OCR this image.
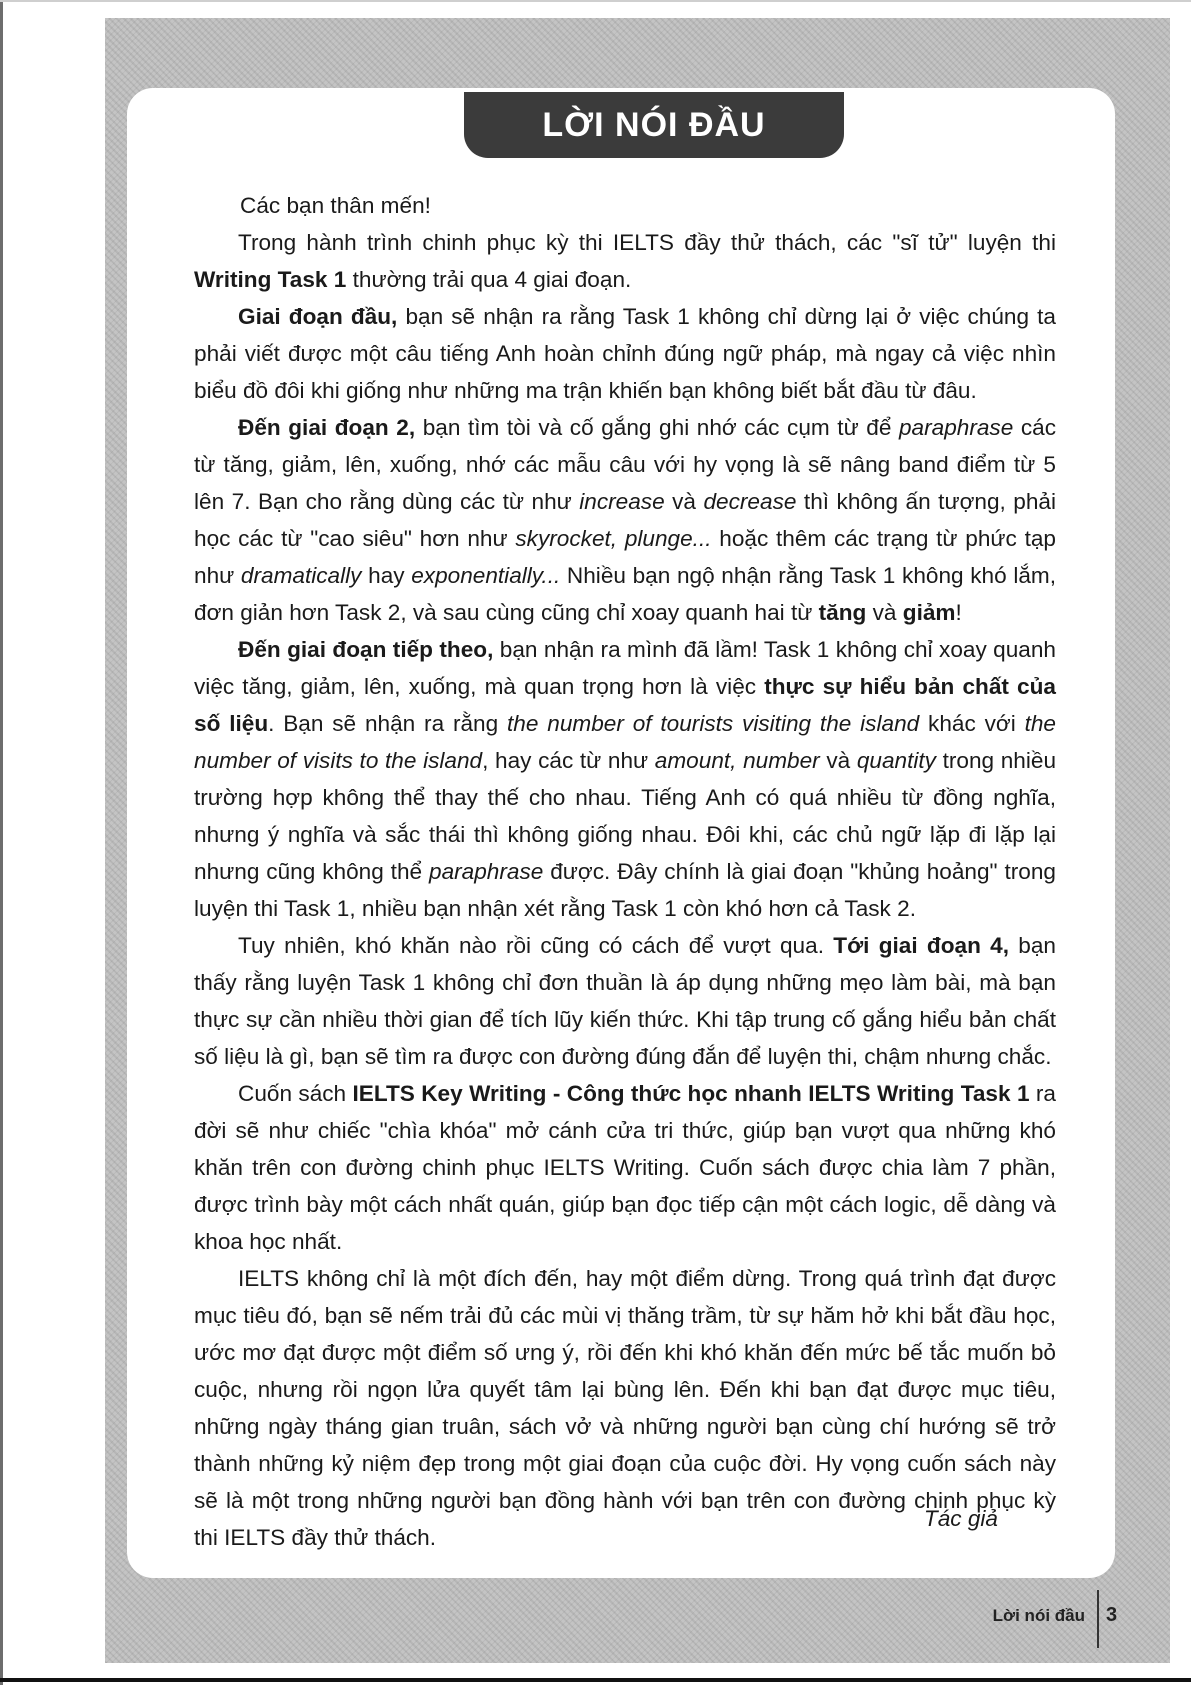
LỜI NÓI ĐẦU

Các bạn thân mến!

Trong hành trình chinh phục kỳ thi IELTS đầy thử thách, các "sĩ tử" luyện thi Writing Task 1 thường trải qua 4 giai đoạn.

Giai đoạn đầu, bạn sẽ nhận ra rằng Task 1 không chỉ dừng lại ở việc chúng ta phải viết được một câu tiếng Anh hoàn chỉnh đúng ngữ pháp, mà ngay cả việc nhìn biểu đồ đôi khi giống như những ma trận khiến bạn không biết bắt đầu từ đâu.

Đến giai đoạn 2, bạn tìm tòi và cố gắng ghi nhớ các cụm từ để paraphrase các từ tăng, giảm, lên, xuống, nhớ các mẫu câu với hy vọng là sẽ nâng band điểm từ 5 lên 7. Bạn cho rằng dùng các từ như increase và decrease thì không ấn tượng, phải học các từ "cao siêu" hơn như skyrocket, plunge... hoặc thêm các trạng từ phức tạp như dramatically hay exponentially... Nhiều bạn ngộ nhận rằng Task 1 không khó lắm, đơn giản hơn Task 2, và sau cùng cũng chỉ xoay quanh hai từ tăng và giảm!

Đến giai đoạn tiếp theo, bạn nhận ra mình đã lầm! Task 1 không chỉ xoay quanh việc tăng, giảm, lên, xuống, mà quan trọng hơn là việc thực sự hiểu bản chất của số liệu. Bạn sẽ nhận ra rằng the number of tourists visiting the island khác với the number of visits to the island, hay các từ như amount, number và quantity trong nhiều trường hợp không thể thay thế cho nhau. Tiếng Anh có quá nhiều từ đồng nghĩa, nhưng ý nghĩa và sắc thái thì không giống nhau. Đôi khi, các chủ ngữ lặp đi lặp lại nhưng cũng không thể paraphrase được. Đây chính là giai đoạn "khủng hoảng" trong luyện thi Task 1, nhiều bạn nhận xét rằng Task 1 còn khó hơn cả Task 2.

Tuy nhiên, khó khăn nào rồi cũng có cách để vượt qua. Tới giai đoạn 4, bạn thấy rằng luyện Task 1 không chỉ đơn thuần là áp dụng những mẹo làm bài, mà bạn thực sự cần nhiều thời gian để tích lũy kiến thức. Khi tập trung cố gắng hiểu bản chất số liệu là gì, bạn sẽ tìm ra được con đường đúng đắn để luyện thi, chậm nhưng chắc.

Cuốn sách IELTS Key Writing - Công thức học nhanh IELTS Writing Task 1 ra đời sẽ như chiếc "chìa khóa" mở cánh cửa tri thức, giúp bạn vượt qua những khó khăn trên con đường chinh phục IELTS Writing. Cuốn sách được chia làm 7 phần, được trình bày một cách nhất quán, giúp bạn đọc tiếp cận một cách logic, dễ dàng và khoa học nhất.

IELTS không chỉ là một đích đến, hay một điểm dừng. Trong quá trình đạt được mục tiêu đó, bạn sẽ nếm trải đủ các mùi vị thăng trầm, từ sự hăm hở khi bắt đầu học, ước mơ đạt được một điểm số ưng ý, rồi đến khi khó khăn đến mức bế tắc muốn bỏ cuộc, nhưng rồi ngọn lửa quyết tâm lại bùng lên. Đến khi bạn đạt được mục tiêu, những ngày tháng gian truân, sách vở và những người bạn cùng chí hướng sẽ trở thành những kỷ niệm đẹp trong một giai đoạn của cuộc đời. Hy vọng cuốn sách này sẽ là một trong những người bạn đồng hành với bạn trên con đường chinh phục kỳ thi IELTS đầy thử thách.

Tác giả
Lời nói đầu 3
